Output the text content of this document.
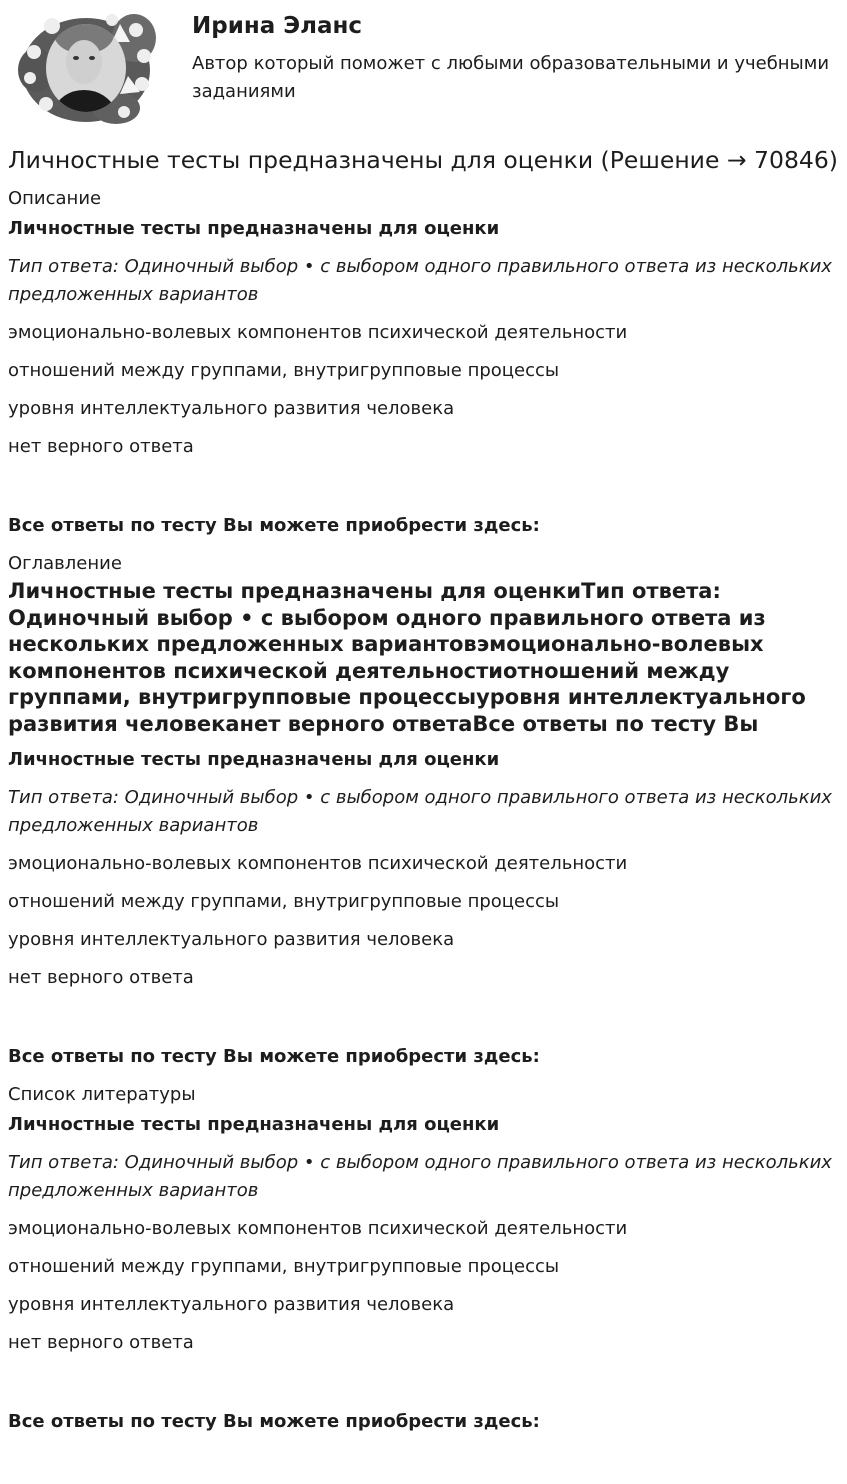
Ирина Эланс

Автор который поможет с любыми образовательными и учебными заданиями

Личностные тесты предназначены для оценки (Решение → 70846)
Описание
Личностные тесты предназначены для оценки
Тип ответа: Одиночный выбор • с выбором одного правильного ответа из нескольких предложенных вариантов
эмоционально-волевых компонентов психической деятельности
отношений между группами, внутригрупповые процессы
уровня интеллектуального развития человека
нет верного ответа
Все ответы по тесту Вы можете приобрести здесь:
Оглавление
Личностные тесты предназначены для оценкиТип ответа: Одиночный выбор • с выбором одного правильного ответа из нескольких предложенных вариантовэмоционально-волевых компонентов психической деятельностиотношений между группами, внутригрупповые процессыуровня интеллектуального развития человеканет верного ответаВсе ответы по тесту Вы
Личностные тесты предназначены для оценки
Тип ответа: Одиночный выбор • с выбором одного правильного ответа из нескольких предложенных вариантов
эмоционально-волевых компонентов психической деятельности
отношений между группами, внутригрупповые процессы
уровня интеллектуального развития человека
нет верного ответа
Все ответы по тесту Вы можете приобрести здесь:
Список литературы
Личностные тесты предназначены для оценки
Тип ответа: Одиночный выбор • с выбором одного правильного ответа из нескольких предложенных вариантов
эмоционально-волевых компонентов психической деятельности
отношений между группами, внутригрупповые процессы
уровня интеллектуального развития человека
нет верного ответа
Все ответы по тесту Вы можете приобрести здесь:
